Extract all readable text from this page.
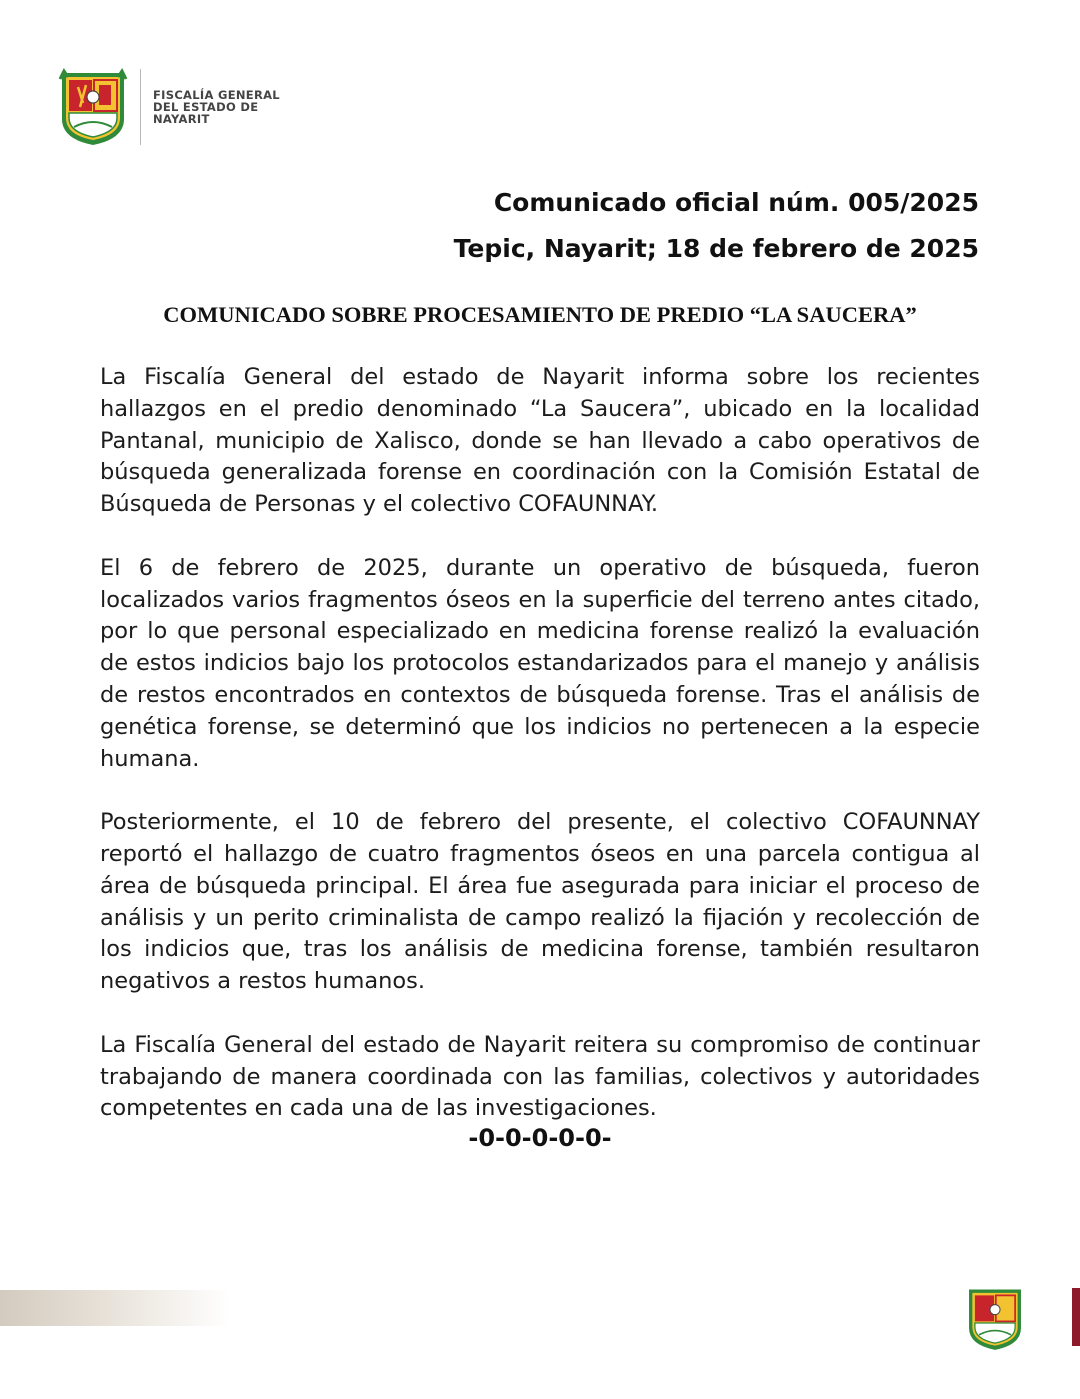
FISCALÍA GENERAL
DEL ESTADO DE
NAYARIT
Comunicado oficial núm. 005/2025
Tepic, Nayarit; 18 de febrero de 2025
COMUNICADO SOBRE PROCESAMIENTO DE PREDIO “LA SAUCERA”

La Fiscalía General del estado de Nayarit informa sobre los recientes hallazgos en el predio denominado “La Saucera”, ubicado en la localidad Pantanal, municipio de Xalisco, donde se han llevado a cabo operativos de búsqueda generalizada forense en coordinación con la Comisión Estatal de Búsqueda de Personas y el colectivo COFAUNNAY.

El 6 de febrero de 2025, durante un operativo de búsqueda, fueron localizados varios fragmentos óseos en la superficie del terreno antes citado, por lo que personal especializado en medicina forense realizó la evaluación de estos indicios bajo los protocolos estandarizados para el manejo y análisis de restos encontrados en contextos de búsqueda forense. Tras el análisis de genética forense, se determinó que los indicios no pertenecen a la especie humana.

Posteriormente, el 10 de febrero del presente, el colectivo COFAUNNAY reportó el hallazgo de cuatro fragmentos óseos en una parcela contigua al área de búsqueda principal. El área fue asegurada para iniciar el proceso de análisis y un perito criminalista de campo realizó la fijación y recolección de los indicios que, tras los análisis de medicina forense, también resultaron negativos a restos humanos.

La Fiscalía General del estado de Nayarit reitera su compromiso de continuar trabajando de manera coordinada con las familias, colectivos y autoridades competentes en cada una de las investigaciones.

-0-0-0-0-0-
